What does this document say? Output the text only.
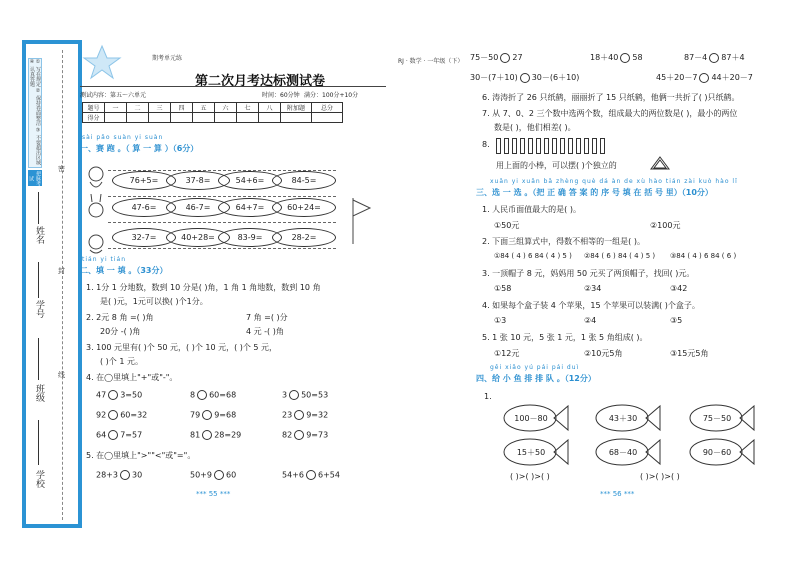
① 写在规定 ② 保持卷面整洁 ③ 不要超出区域 ④ 认真答题
把脉考试
学校
班级
学号
姓名
密
封
线
期考单元练	RJ · 数学 · 一年级（下）
第二次月考达标测试卷
测试内容：第五～六单元	时间：60分钟 满分：100分+10分
题号	一	二	三	四	五	六	七	八	附加题	总分
得分										
sài pǎo suàn yi suàn
一、赛 跑 。（ 算 一 算 ）（6分）
76+5=	37-8=	54+6=	84-5=
47-6=	46-7=	64+7=	60+24=
32-7=	40+28=	83-9=	28-2=
tián yi tián
二、填 一 填 。（33分）
1. 1分 1 分地数，数到 10 分是( )角，1 角 1 角地数，数到 10 角
是( )元，1元可以换( )个1分。
2. 2元 8 角 =( )角	7 角 =( )分
20分 -( )角	4 元 -( )角
3. 100 元里有( )个 50 元，( )个 10 元，( )个 5 元，
( )个 1 元。
4. 在◯里填上"+"或"-"。
47 3=50	8 60=68	3 50=53
92 60=32	79 9=68	23 9=32
64 7=57	81 28=29	82 9=73
5. 在◯里填上">""<"或"="。
28+3 30	50+9 60	54+6 6+54
*** 55 ***
75－50 27	18＋40 58	87－4 87＋4
30－(7＋10) 30－(6＋10)	45＋20－7 44＋20－7
6. 涛涛折了 26 只纸鹤，丽丽折了 15 只纸鹤，他俩一共折了( )只纸鹤。
7. 从 7、0、2 三个数中选两个数，组成最大的两位数是( )，最小的两位
数是( )，他们相差( )。
8.
用上面的小棒，可以摆( )个独立的
xuǎn yi xuǎn bǎ zhèng què dá àn de xù hào tián zài kuò hào lǐ
三、选 一 选 。（把 正 确 答 案 的 序 号 填 在 括 号 里）（10分）
1. 人民币面值最大的是( )。
①50元	②100元
2. 下面三组算式中，得数不相等的一组是( )。
①84 ( 4 ) 6 84 ( 4 ) 5 ) ②84 ( 6 ) 84 ( 4 ) 5 ) ③84 ( 4 ) 6 84 ( 6 )
3. 一顶帽子 8 元，妈妈用 50 元买了两顶帽子，找回( )元。
①58	②34	③42
4. 如果每个盒子装 4 个苹果，15 个苹果可以装满( )个盒子。
①3	②4	③5
5. 1 张 10 元，5 张 1 元，1 张 5 角组成( )。
①12元	②10元5角	③15元5角
gěi xiǎo yú pái pái duì
四、给 小 鱼 排 排 队 。（12分）
1.
100－80	43＋30	75－50
15＋50	68－40	90－60
( )>( )>( )	( )>( )>( )
*** 56 ***
